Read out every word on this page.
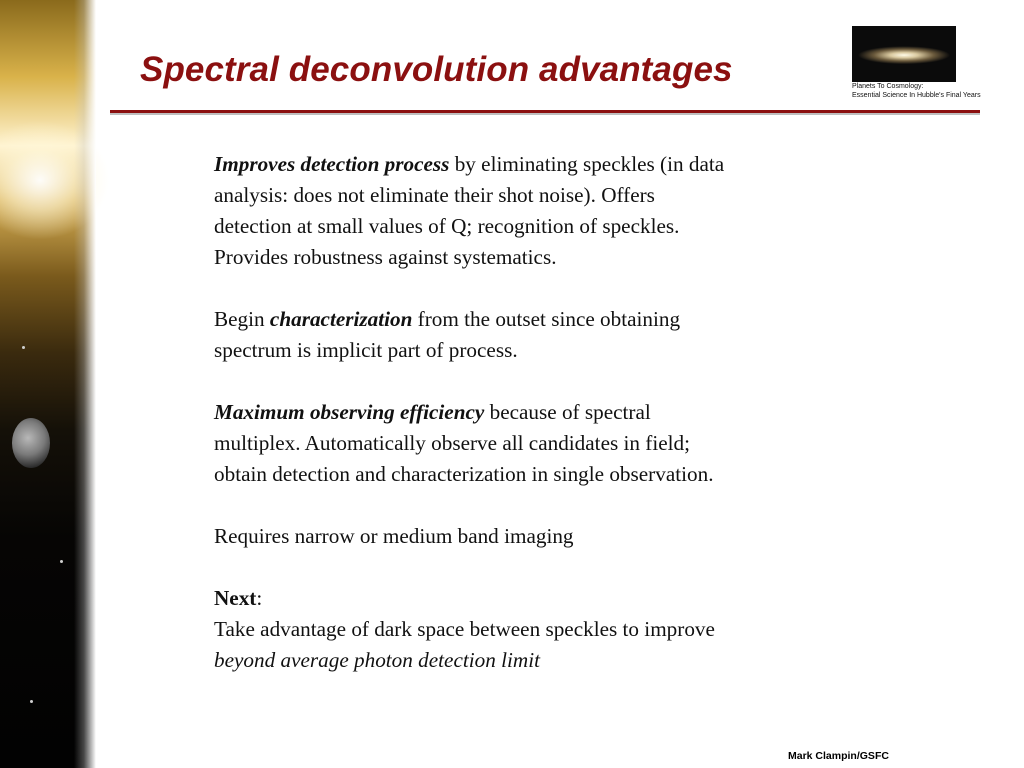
Spectral deconvolution advantages	Planets To Cosmology:
Essential Science In Hubble's Final Years
Improves detection process by eliminating speckles (in data
analysis: does not eliminate their shot noise). Offers
detection at small values of Q; recognition of speckles.
Provides robustness against systematics.
Begin characterization from the outset since obtaining
spectrum is implicit part of process.
Maximum observing efficiency because of spectral
multiplex. Automatically observe all candidates in field;
obtain detection and characterization in single observation.
Requires narrow or medium band imaging
Next:
Take advantage of dark space between speckles to improve
beyond average photon detection limit
Mark Clampin/GSFC
